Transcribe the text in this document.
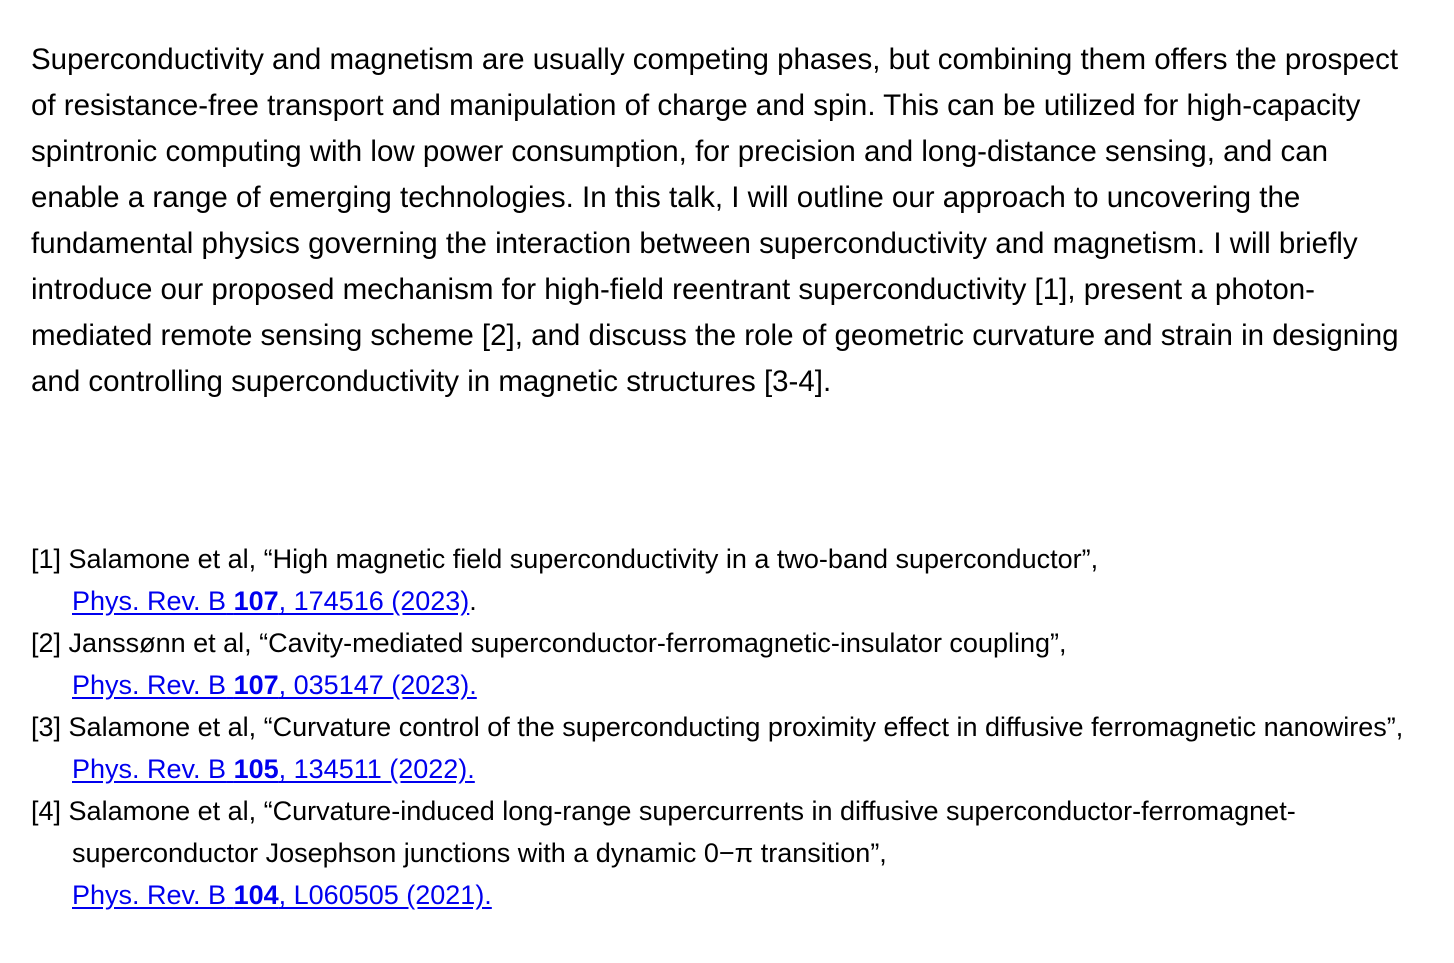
Superconductivity and magnetism are usually competing phases, but combining them offers the prospect of resistance-free transport and manipulation of charge and spin. This can be utilized for high-capacity spintronic computing with low power consumption, for precision and long-distance sensing, and can enable a range of emerging technologies. In this talk, I will outline our approach to uncovering the fundamental physics governing the interaction between superconductivity and magnetism. I will briefly introduce our proposed mechanism for high-field reentrant superconductivity [1], present a photon-mediated remote sensing scheme [2], and discuss the role of geometric curvature and strain in designing and controlling superconductivity in magnetic structures [3-4].

[1] Salamone et al, “High magnetic field superconductivity in a two-band superconductor”,
Phys. Rev. B 107, 174516 (2023).
[2] Janssønn et al, “Cavity-mediated superconductor-ferromagnetic-insulator coupling”,
Phys. Rev. B 107, 035147 (2023).
[3] Salamone et al, “Curvature control of the superconducting proximity effect in diffusive ferromagnetic nanowires”, Phys. Rev. B 105, 134511 (2022).
[4] Salamone et al, “Curvature-induced long-range supercurrents in diffusive superconductor-ferromagnet-superconductor Josephson junctions with a dynamic 0−π transition”,
Phys. Rev. B 104, L060505 (2021).
